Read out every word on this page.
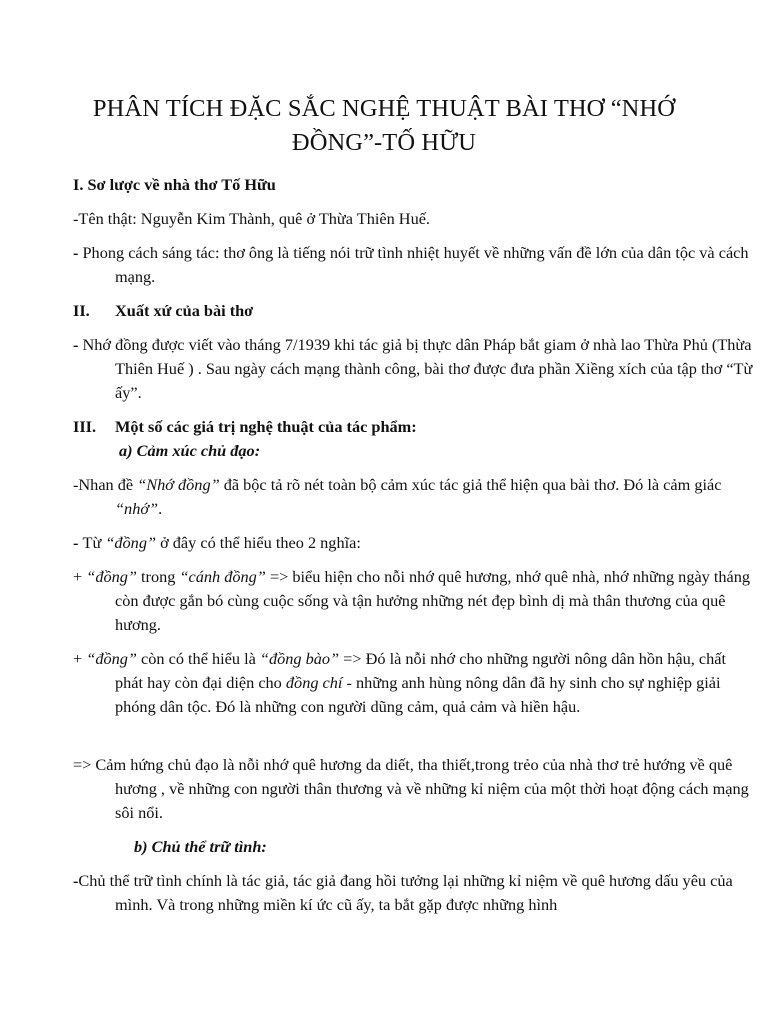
PHÂN TÍCH ĐẶC SẮC NGHỆ THUẬT BÀI THƠ “NHỚ
ĐỒNG”-TỐ HỮU
I. Sơ lược về nhà thơ Tố Hữu
-Tên thật: Nguyễn Kim Thành, quê ở Thừa Thiên Huế.
- Phong cách sáng tác: thơ ông là tiếng nói trữ tình nhiệt huyết về những vấn đề lớn của dân tộc và cách mạng.
II. Xuất xứ của bài thơ
- Nhớ đồng được viết vào tháng 7/1939 khi tác giả bị thực dân Pháp bắt giam ở nhà lao Thừa Phủ (Thừa Thiên Huế ) . Sau ngày cách mạng thành công, bài thơ được đưa phần Xiềng xích của tập thơ “Từ ấy”.
III. Một số các giá trị nghệ thuật của tác phẩm:
a) Cảm xúc chủ đạo:
-Nhan đề “Nhớ đồng” đã bộc tả rõ nét toàn bộ cảm xúc tác giả thể hiện qua bài thơ. Đó là cảm giác “nhớ”.
- Từ “đồng” ở đây có thể hiểu theo 2 nghĩa:
+ “đồng” trong “cánh đồng” => biểu hiện cho nỗi nhớ quê hương, nhớ quê nhà, nhớ những ngày tháng còn được gắn bó cùng cuộc sống và tận hưởng những nét đẹp bình dị mà thân thương của quê hương.
+ “đồng” còn có thể hiểu là “đồng bào” => Đó là nỗi nhớ cho những người nông dân hồn hậu, chất phát hay còn đại diện cho đồng chí - những anh hùng nông dân đã hy sinh cho sự nghiệp giải phóng dân tộc. Đó là những con người dũng cảm, quả cảm và hiền hậu.
=> Cảm hứng chủ đạo là nỗi nhớ quê hương da diết, tha thiết,trong trẻo của nhà thơ trẻ hướng về quê hương , về những con người thân thương và về những kỉ niệm của một thời hoạt động cách mạng sôi nổi.
b) Chủ thể trữ tình:
-Chủ thể trữ tình chính là tác giả, tác giả đang hồi tưởng lại những kỉ niệm về quê hương dấu yêu của mình. Và trong những miền kí ức cũ ấy, ta bắt gặp được những hình
